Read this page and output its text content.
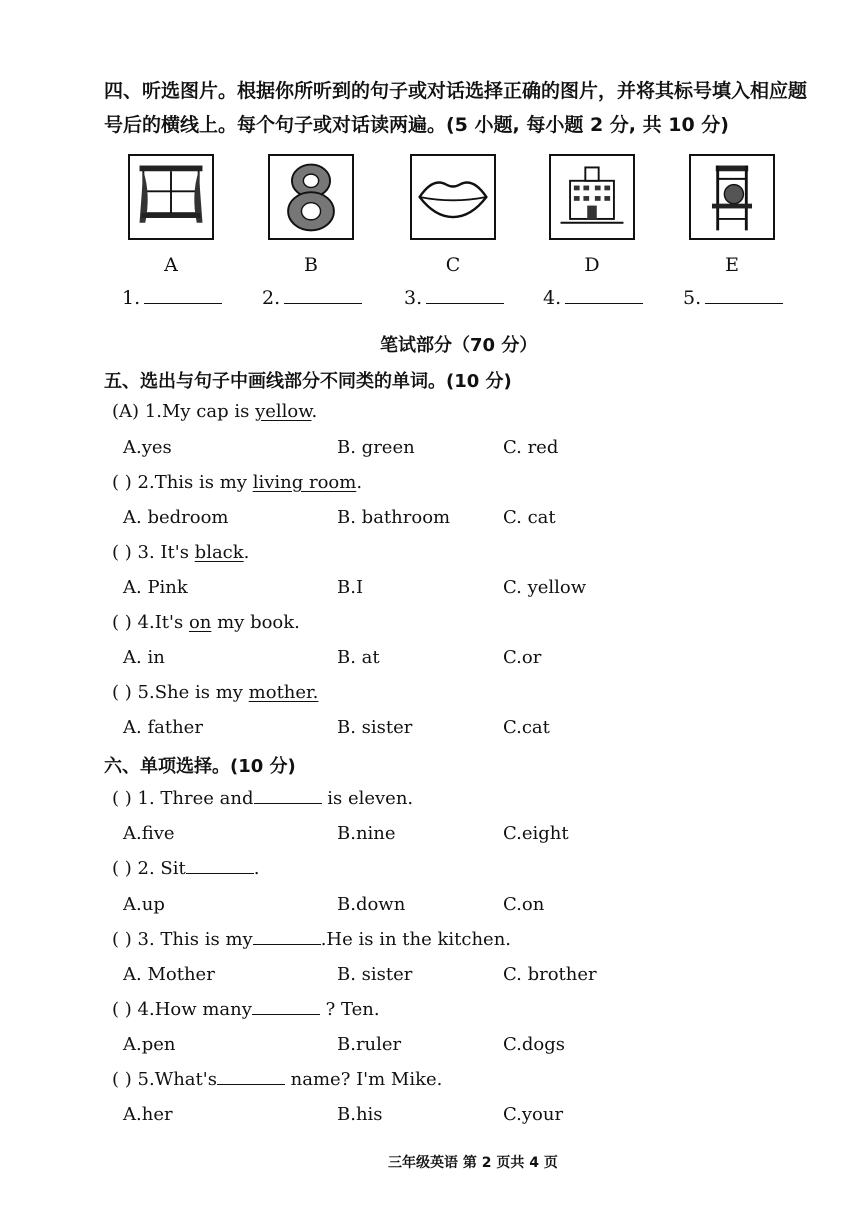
四、听选图片。根据你所听到的句子或对话选择正确的图片，并将其标号填入相应题
号后的横线上。每个句子或对话读两遍。(5 小题, 每小题 2 分, 共 10 分)
A	B	C	D	E
1.	2.	3.	4.	5.
笔试部分（70 分）
五、选出与句子中画线部分不同类的单词。(10 分)
(A) 1.My cap is yellow.
A.yes	B. green	C. red
( ) 2.This is my living room.
A. bedroom	B. bathroom	C. cat
( ) 3. It's black.
A. Pink	B.I	C. yellow
( ) 4.It's on my book.
A. in	B. at	C.or
( ) 5.She is my mother.
A. father	B. sister	C.cat
六、单项选择。(10 分)
( ) 1. Three and	is eleven.
A.five	B.nine	C.eight
( ) 2. Sit	.
A.up	B.down	C.on
( ) 3. This is my	.He is in the kitchen.
A. Mother	B. sister	C. brother
( ) 4.How many	? Ten.
A.pen	B.ruler	C.dogs
( ) 5.What's	name? I'm Mike.
A.her	B.his	C.your
三年级英语 第 2 页共 4 页
